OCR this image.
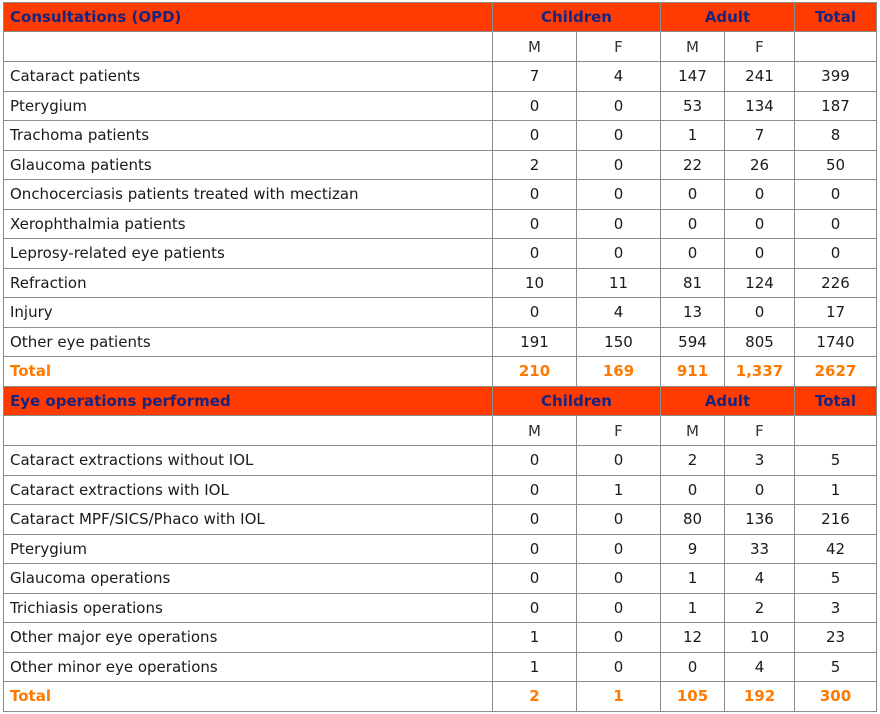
Consultations (OPD)	Children		Adult		Total
	M	F	M	F	
Cataract patients	7	4	147	241	399
Pterygium	0	0	53	134	187
Trachoma patients	0	0	1	7	8
Glaucoma patients	2	0	22	26	50
Onchocerciasis patients treated with mectizan	0	0	0	0	0
Xerophthalmia patients	0	0	0	0	0
Leprosy-related eye patients	0	0	0	0	0
Refraction	10	11	81	124	226
Injury	0	4	13	0	17
Other eye patients	191	150	594	805	1740
Total	210	169	911	1,337	2627
Eye operations performed	Children		Adult		Total
	M	F	M	F	
Cataract extractions without IOL	0	0	2	3	5
Cataract extractions with IOL	0	1	0	0	1
Cataract MPF/SICS/Phaco with IOL	0	0	80	136	216
Pterygium	0	0	9	33	42
Glaucoma operations	0	0	1	4	5
Trichiasis operations	0	0	1	2	3
Other major eye operations	1	0	12	10	23
Other minor eye operations	1	0	0	4	5
Total	2	1	105	192	300
